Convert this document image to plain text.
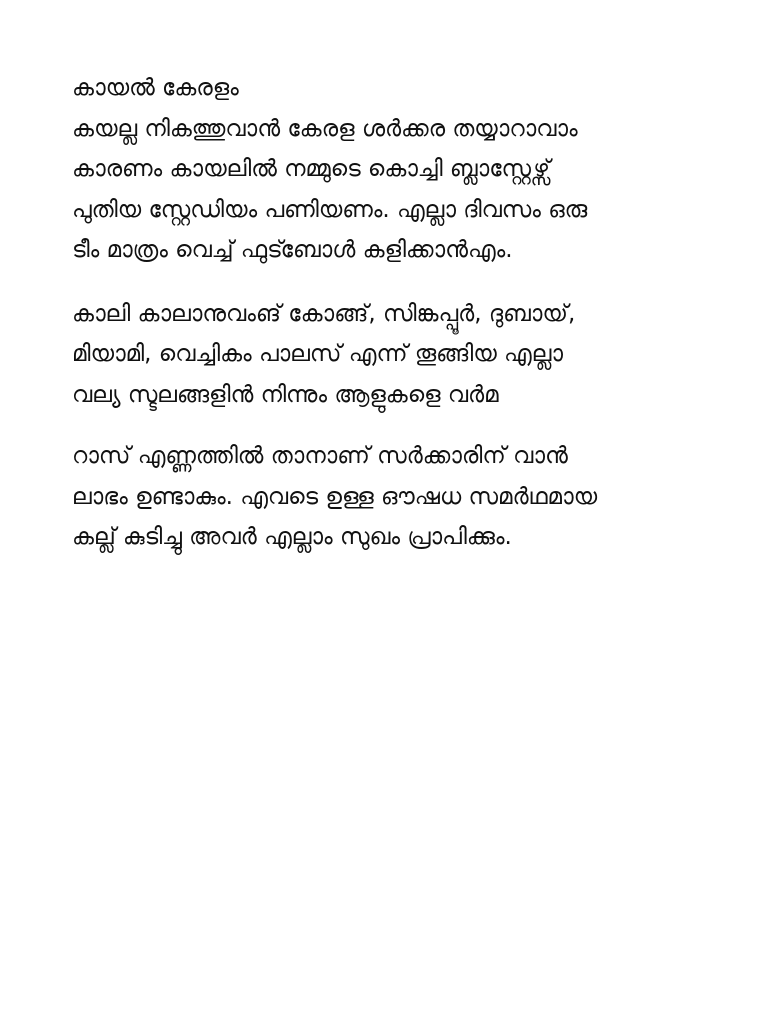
കായൽ കേരളം
കയല്ല നികത്തുവാൻ കേരള ശർക്കര തയ്യാറാവാം
കാരണം കായലിൽ നമ്മുടെ കൊച്ചി ബ്ലാസ്റ്റേഴ്സ്
പുതിയ സ്റ്റേഡിയം പണിയണം. എല്ലാ ദിവസം ഒരു
ടീം മാത്രം വെച്ച് ഫുട്ബോൾ കളിക്കാൻഎം.
കാലി കാലാനുവംങ് കോങ്ങ്, സിങ്കപ്പൂർ, ദുബായ്,
മിയാമി, വെച്ചികം പാലസ് എന്ന് തൂങ്ങിയ എല്ലാ
വല്യ സ്ടലങ്ങളിൻ നിന്നും ആളുകളെ വർമ
റാസ് എണ്ണത്തിൽ താനാണ് സർക്കാരിന് വാൻ
ലാഭം ഉണ്ടാകും. എവടെ ഉള്ള ഔഷധ സമർഥമായ
കല്ല് കുടിച്ചു അവർ എല്ലാം സുഖം പ്രാപിക്കും.
